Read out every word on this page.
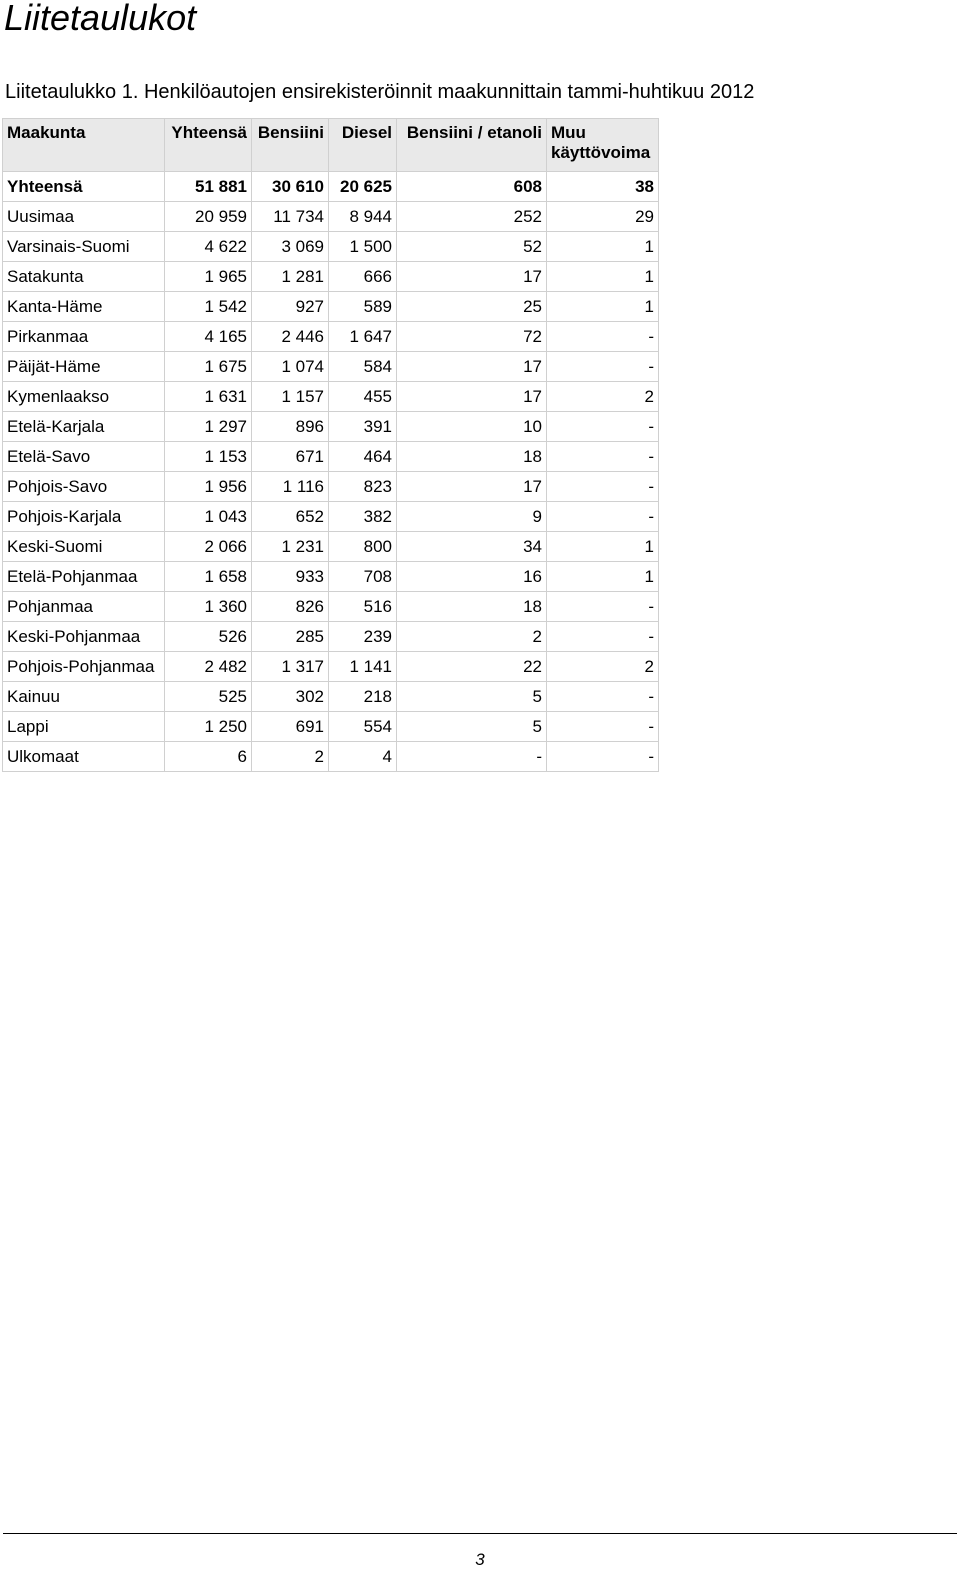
Liitetaulukot
Liitetaulukko 1. Henkilöautojen ensirekisteröinnit maakunnittain tammi-huhtikuu 2012
Maakunta	Yhteensä	Bensiini	Diesel	Bensiini / etanoli	Muu käyttövoima
Yhteensä	51 881	30 610	20 625	608	38
Uusimaa	20 959	11 734	8 944	252	29
Varsinais-Suomi	4 622	3 069	1 500	52	1
Satakunta	1 965	1 281	666	17	1
Kanta-Häme	1 542	927	589	25	1
Pirkanmaa	4 165	2 446	1 647	72	-
Päijät-Häme	1 675	1 074	584	17	-
Kymenlaakso	1 631	1 157	455	17	2
Etelä-Karjala	1 297	896	391	10	-
Etelä-Savo	1 153	671	464	18	-
Pohjois-Savo	1 956	1 116	823	17	-
Pohjois-Karjala	1 043	652	382	9	-
Keski-Suomi	2 066	1 231	800	34	1
Etelä-Pohjanmaa	1 658	933	708	16	1
Pohjanmaa	1 360	826	516	18	-
Keski-Pohjanmaa	526	285	239	2	-
Pohjois-Pohjanmaa	2 482	1 317	1 141	22	2
Kainuu	525	302	218	5	-
Lappi	1 250	691	554	5	-
Ulkomaat	6	2	4	-	-
3
